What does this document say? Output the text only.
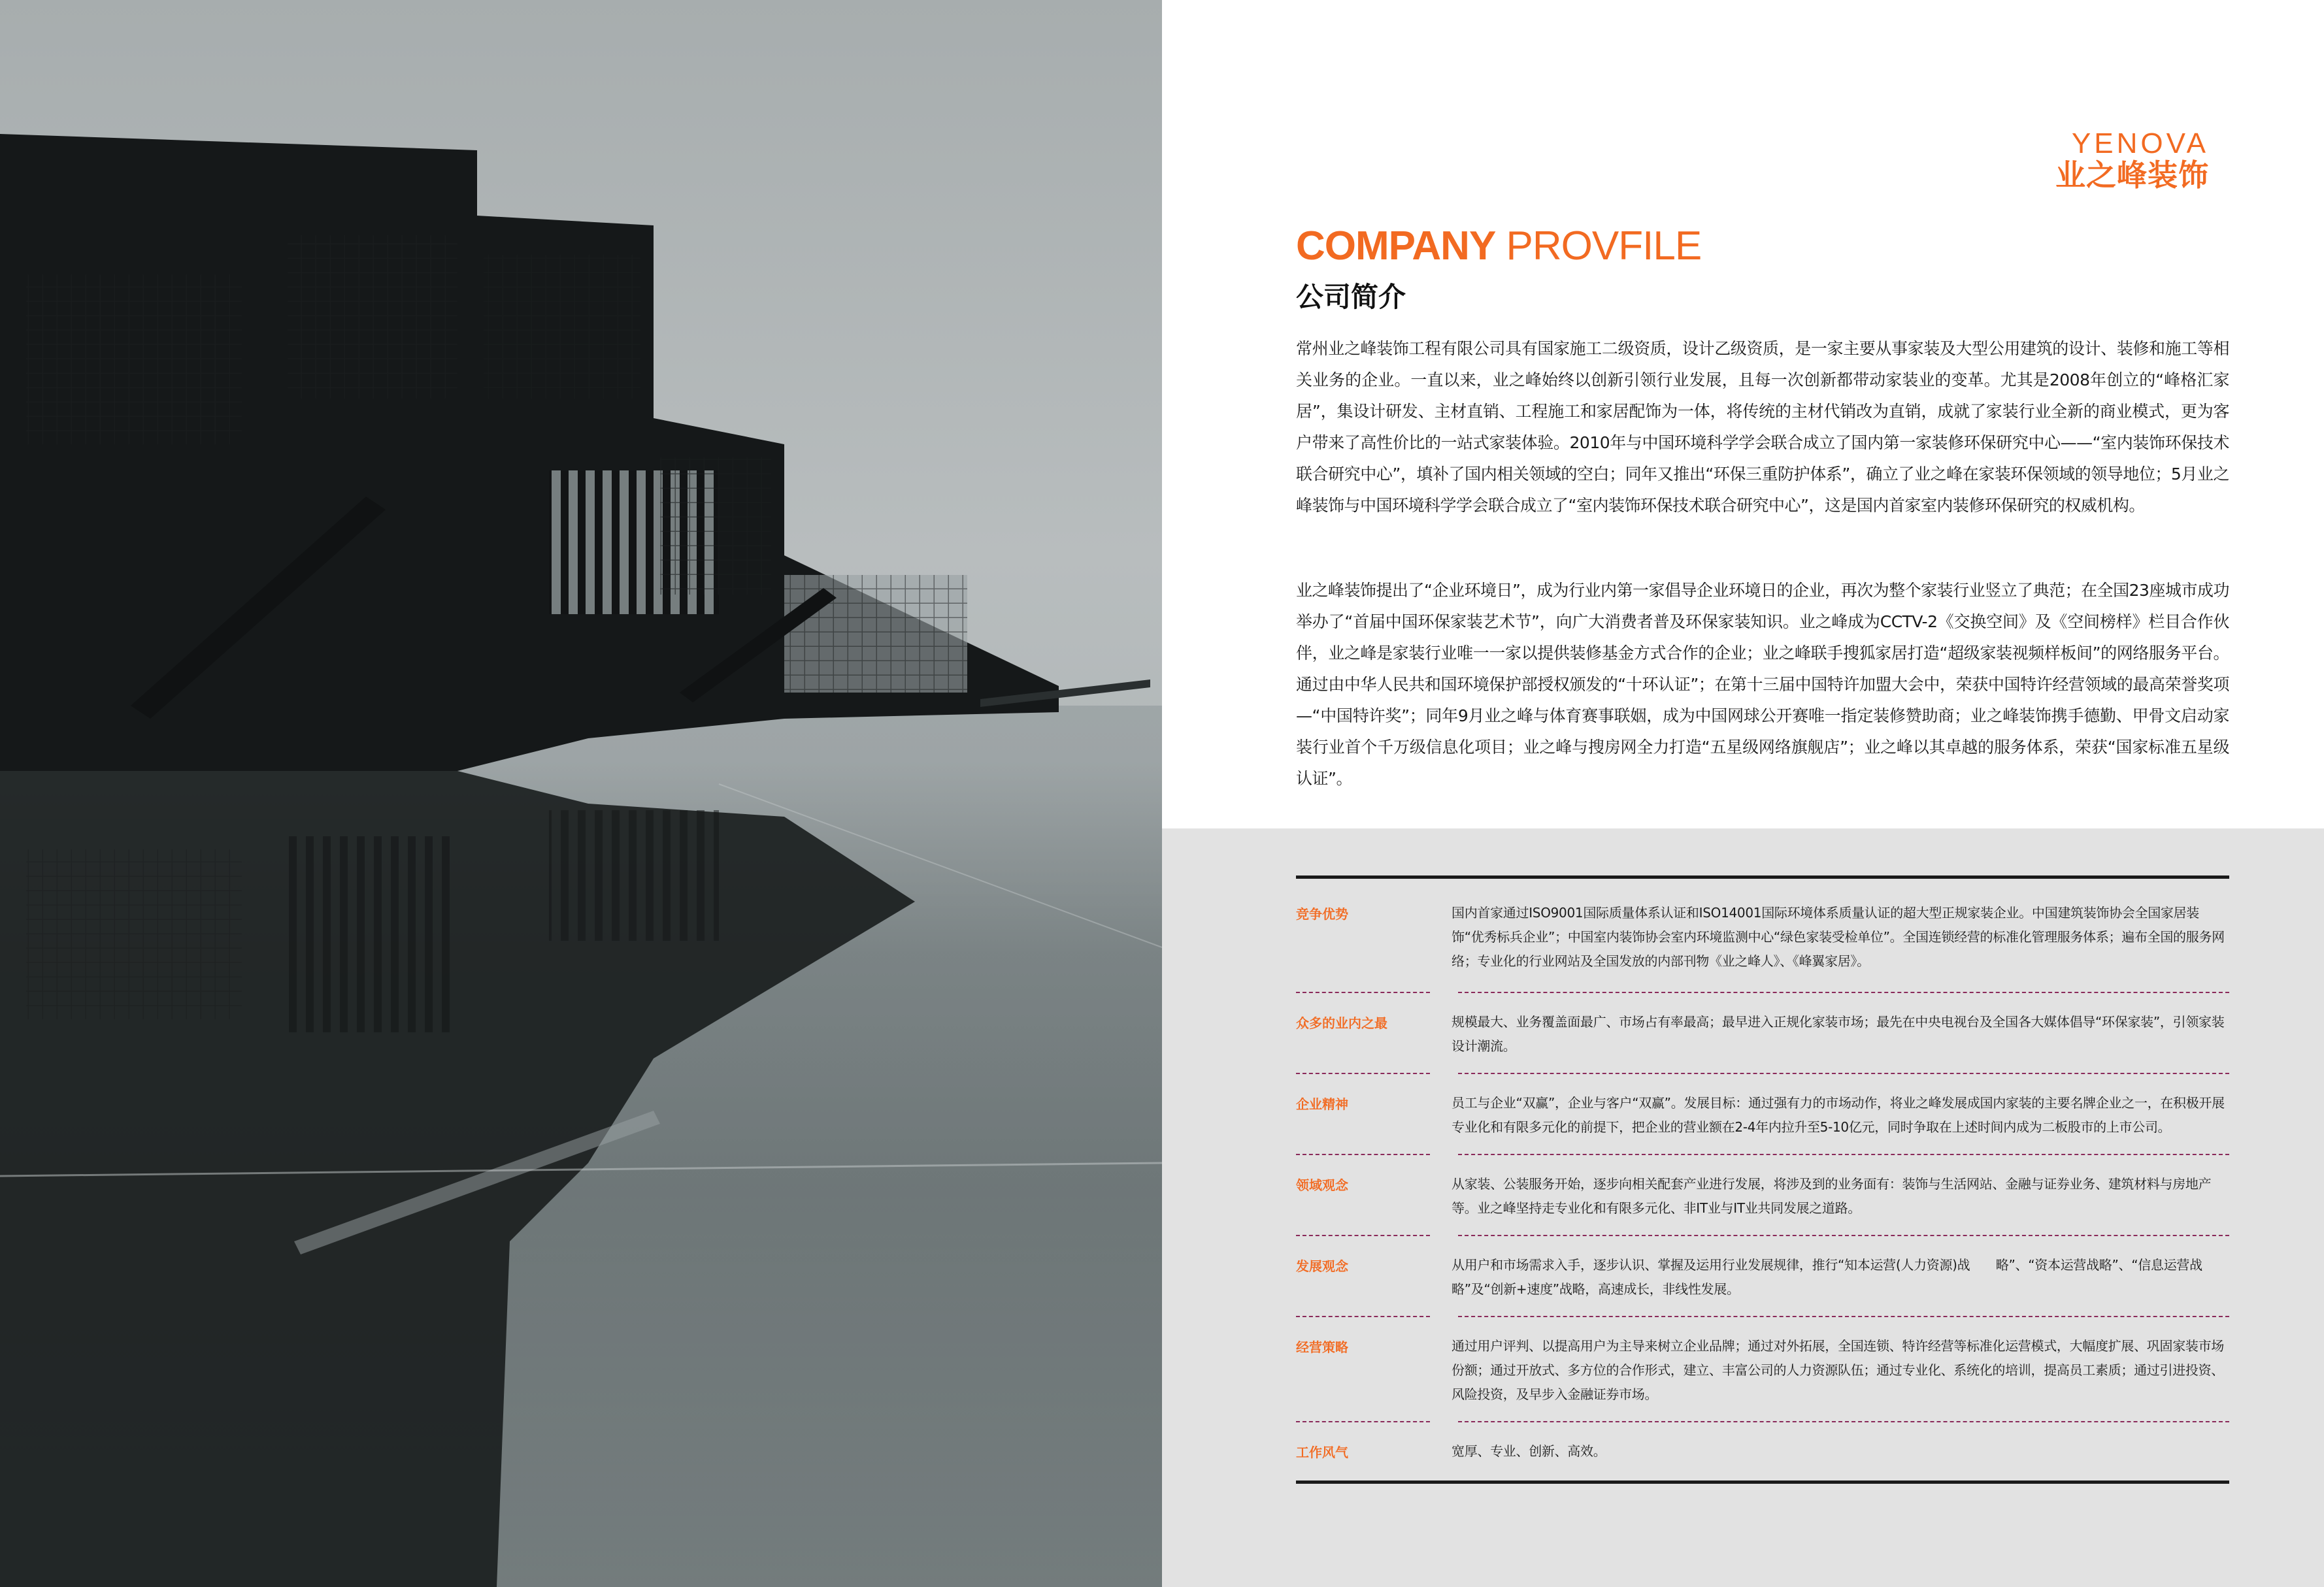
YENOVA
业之峰装饰
COMPANY PROVFILE
公司简介

常州业之峰装饰工程有限公司具有国家施工二级资质，设计乙级资质，是一家主要从事家装及大型公用建筑的设计、装修和施工等相关业务的企业。一直以来，业之峰始终以创新引领行业发展，且每一次创新都带动家装业的变革。尤其是2008年创立的“峰格汇家居”，集设计研发、主材直销、工程施工和家居配饰为一体，将传统的主材代销改为直销，成就了家装行业全新的商业模式，更为客户带来了高性价比的一站式家装体验。2010年与中国环境科学学会联合成立了国内第一家装修环保研究中心——“室内装饰环保技术联合研究中心”，填补了国内相关领域的空白；同年又推出“环保三重防护体系”，确立了业之峰在家装环保领域的领导地位；5月业之峰装饰与中国环境科学学会联合成立了“室内装饰环保技术联合研究中心”，这是国内首家室内装修环保研究的权威机构。

业之峰装饰提出了“企业环境日”，成为行业内第一家倡导企业环境日的企业，再次为整个家装行业竖立了典范；在全国23座城市成功举办了“首届中国环保家装艺术节”，向广大消费者普及环保家装知识。业之峰成为CCTV-2《交换空间》及《空间榜样》栏目合作伙伴，业之峰是家装行业唯一一家以提供装修基金方式合作的企业；业之峰联手搜狐家居打造“超级家装视频样板间”的网络服务平台。通过由中华人民共和国环境保护部授权颁发的“十环认证”；在第十三届中国特许加盟大会中，荣获中国特许经营领域的最高荣誉奖项—“中国特许奖”；同年9月业之峰与体育赛事联姻，成为中国网球公开赛唯一指定装修赞助商；业之峰装饰携手德勤、甲骨文启动家装行业首个千万级信息化项目；业之峰与搜房网全力打造“五星级网络旗舰店”；业之峰以其卓越的服务体系，荣获“国家标准五星级认证”。

竞争优势	国内首家通过ISO9001国际质量体系认证和ISO14001国际环境体系质量认证的超大型正规家装企业。中国建筑装饰协会全国家居装饰“优秀标兵企业”；中国室内装饰协会室内环境监测中心“绿色家装受检单位”。全国连锁经营的标准化管理服务体系；遍布全国的服务网络；专业化的行业网站及全国发放的内部刊物《业之峰人》、《峰翼家居》。
众多的业内之最	规模最大、业务覆盖面最广、市场占有率最高；最早进入正规化家装市场；最先在中央电视台及全国各大媒体倡导“环保家装”，引领家装设计潮流。
企业精神	员工与企业“双赢”，企业与客户“双赢”。发展目标：通过强有力的市场动作，将业之峰发展成国内家装的主要名牌企业之一，在积极开展专业化和有限多元化的前提下，把企业的营业额在2-4年内拉升至5-10亿元，同时争取在上述时间内成为二板股市的上市公司。
领域观念	从家装、公装服务开始，逐步向相关配套产业进行发展，将涉及到的业务面有：装饰与生活网站、金融与证券业务、建筑材料与房地产等。业之峰坚持走专业化和有限多元化、非IT业与IT业共同发展之道路。
发展观念	从用户和市场需求入手，逐步认识、掌握及运用行业发展规律，推行“知本运营(人力资源)战　　略”、“资本运营战略”、“信息运营战略”及“创新+速度”战略，高速成长，非线性发展。
经营策略	通过用户评判、以提高用户为主导来树立企业品牌；通过对外拓展，全国连锁、特许经营等标准化运营模式，大幅度扩展、巩固家装市场份额；通过开放式、多方位的合作形式，建立、丰富公司的人力资源队伍；通过专业化、系统化的培训，提高员工素质；通过引进投资、风险投资，及早步入金融证券市场。
工作风气	宽厚、专业、创新、高效。
